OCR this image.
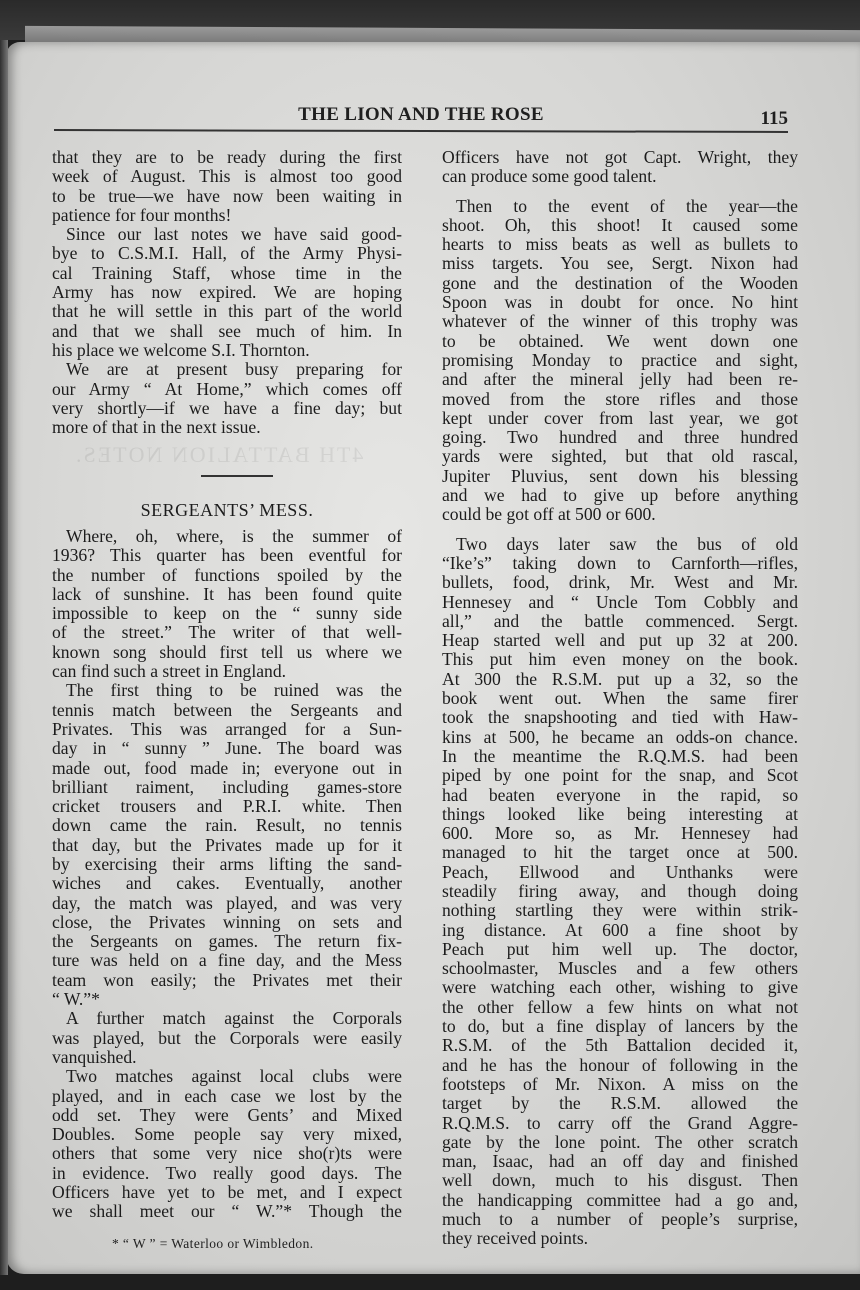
4TH BATTALION NOTES.
THE LION AND THE ROSE	115
that they are to be ready during the first
week of August. This is almost too good
to be true—we have now been waiting in
patience for four months!
Since our last notes we have said good-
bye to C.S.M.I. Hall, of the Army Physi-
cal Training Staff, whose time in the
Army has now expired. We are hoping
that he will settle in this part of the world
and that we shall see much of him. In
his place we welcome S.I. Thornton.
We are at present busy preparing for
our Army “ At Home,” which comes off
very shortly—if we have a fine day; but
more of that in the next issue.
SERGEANTS’ MESS.
Where, oh, where, is the summer of
1936? This quarter has been eventful for
the number of functions spoiled by the
lack of sunshine. It has been found quite
impossible to keep on the “ sunny side
of the street.” The writer of that well-
known song should first tell us where we
can find such a street in England.
The first thing to be ruined was the
tennis match between the Sergeants and
Privates. This was arranged for a Sun-
day in “ sunny ” June. The board was
made out, food made in; everyone out in
brilliant raiment, including games-store
cricket trousers and P.R.I. white. Then
down came the rain. Result, no tennis
that day, but the Privates made up for it
by exercising their arms lifting the sand-
wiches and cakes. Eventually, another
day, the match was played, and was very
close, the Privates winning on sets and
the Sergeants on games. The return fix-
ture was held on a fine day, and the Mess
team won easily; the Privates met their
“ W.”*
A further match against the Corporals
was played, but the Corporals were easily
vanquished.
Two matches against local clubs were
played, and in each case we lost by the
odd set. They were Gents’ and Mixed
Doubles. Some people say very mixed,
others that some very nice sho(r)ts were
in evidence. Two really good days. The
Officers have yet to be met, and I expect
we shall meet our “ W.”* Though the
* “ W ” = Waterloo or Wimbledon.
Officers have not got Capt. Wright, they
can produce some good talent.
Then to the event of the year—the
shoot. Oh, this shoot! It caused some
hearts to miss beats as well as bullets to
miss targets. You see, Sergt. Nixon had
gone and the destination of the Wooden
Spoon was in doubt for once. No hint
whatever of the winner of this trophy was
to be obtained. We went down one
promising Monday to practice and sight,
and after the mineral jelly had been re-
moved from the store rifles and those
kept under cover from last year, we got
going. Two hundred and three hundred
yards were sighted, but that old rascal,
Jupiter Pluvius, sent down his blessing
and we had to give up before anything
could be got off at 500 or 600.
Two days later saw the bus of old
“Ike’s” taking down to Carnforth—rifles,
bullets, food, drink, Mr. West and Mr.
Hennesey and “ Uncle Tom Cobbly and
all,” and the battle commenced. Sergt.
Heap started well and put up 32 at 200.
This put him even money on the book.
At 300 the R.S.M. put up a 32, so the
book went out. When the same firer
took the snapshooting and tied with Haw-
kins at 500, he became an odds-on chance.
In the meantime the R.Q.M.S. had been
piped by one point for the snap, and Scot
had beaten everyone in the rapid, so
things looked like being interesting at
600. More so, as Mr. Hennesey had
managed to hit the target once at 500.
Peach, Ellwood and Unthanks were
steadily firing away, and though doing
nothing startling they were within strik-
ing distance. At 600 a fine shoot by
Peach put him well up. The doctor,
schoolmaster, Muscles and a few others
were watching each other, wishing to give
the other fellow a few hints on what not
to do, but a fine display of lancers by the
R.S.M. of the 5th Battalion decided it,
and he has the honour of following in the
footsteps of Mr. Nixon. A miss on the
target by the R.S.M. allowed the
R.Q.M.S. to carry off the Grand Aggre-
gate by the lone point. The other scratch
man, Isaac, had an off day and finished
well down, much to his disgust. Then
the handicapping committee had a go and,
much to a number of people’s surprise,
they received points.
